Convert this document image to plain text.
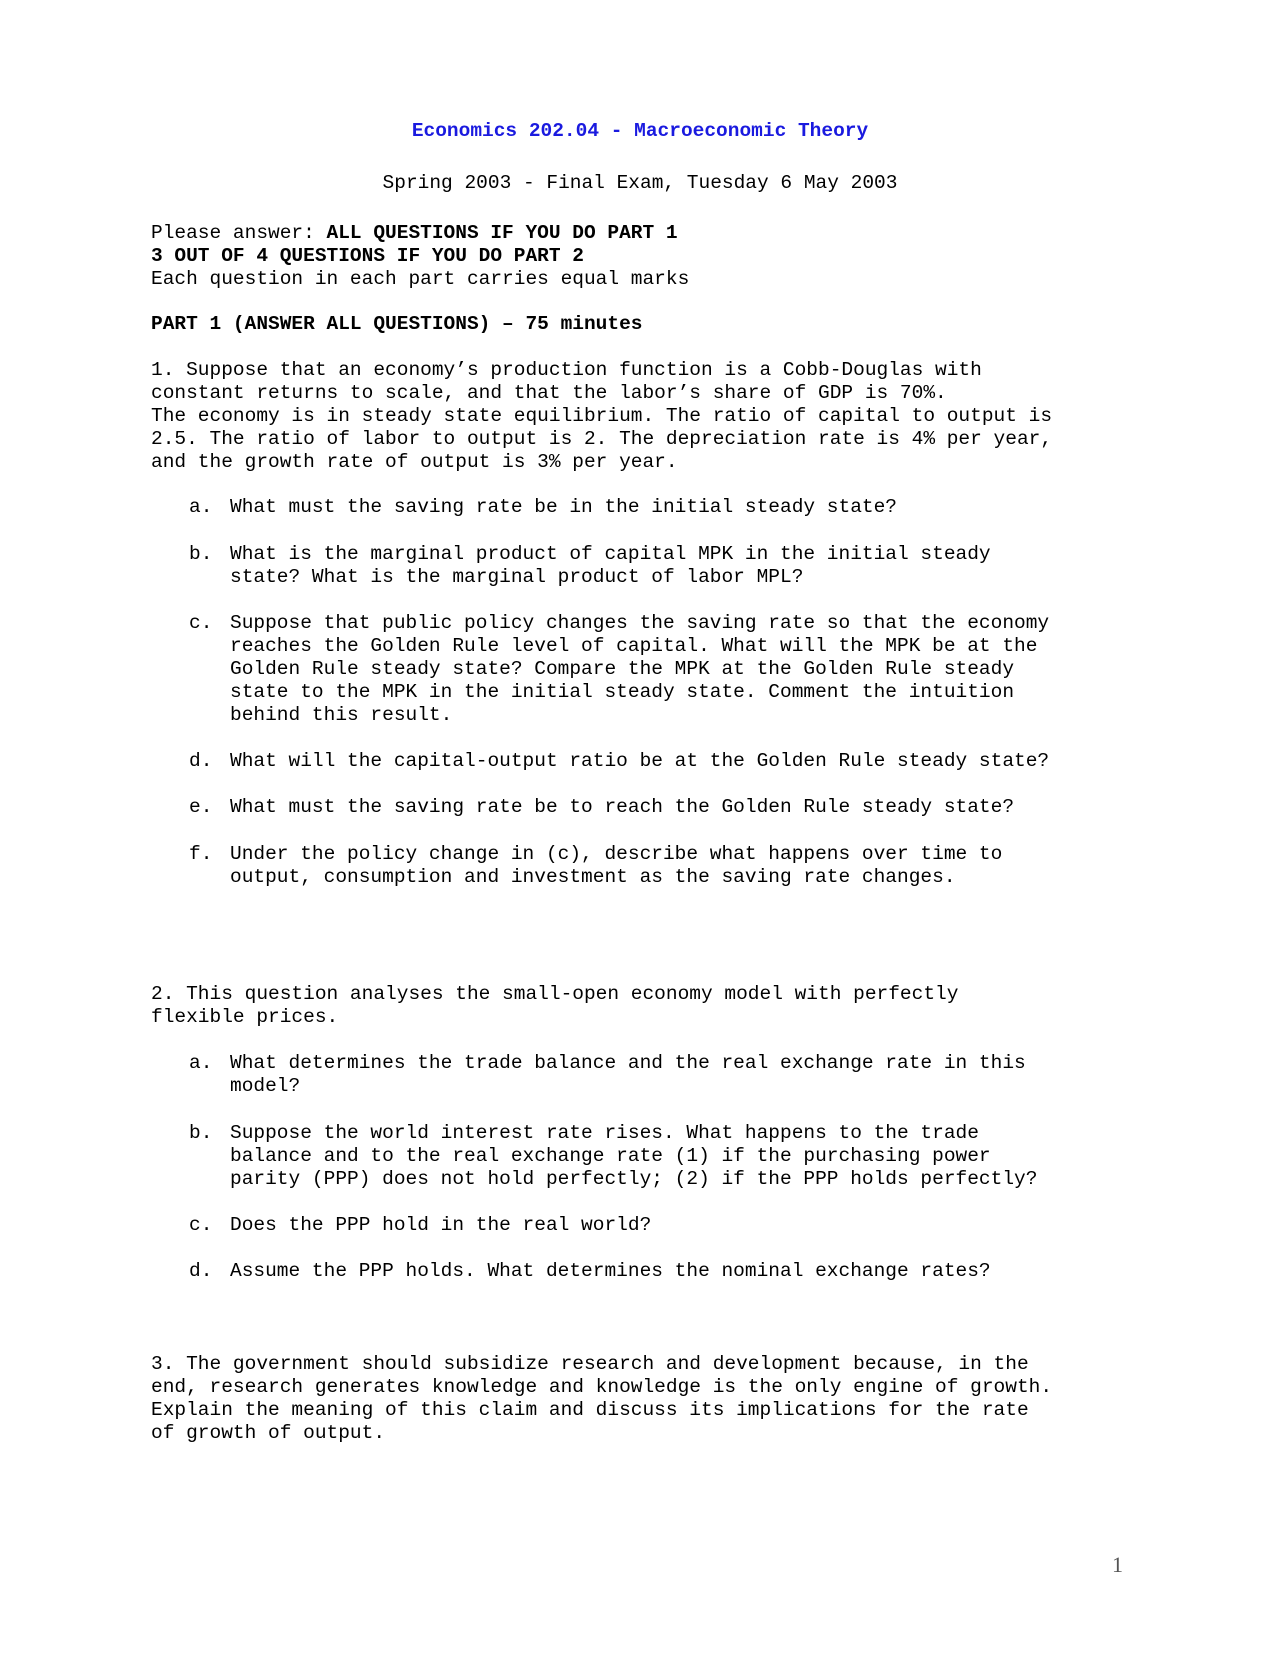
Economics 202.04 - Macroeconomic Theory
Spring 2003 - Final Exam, Tuesday 6 May 2003
Please answer: ALL QUESTIONS IF YOU DO PART 1
3 OUT OF 4 QUESTIONS IF YOU DO PART 2
Each question in each part carries equal marks
PART 1 (ANSWER ALL QUESTIONS) – 75 minutes
1. Suppose that an economy’s production function is a Cobb-Douglas with
constant returns to scale, and that the labor’s share of GDP is 70%.
The economy is in steady state equilibrium. The ratio of capital to output is
2.5. The ratio of labor to output is 2. The depreciation rate is 4% per year,
and the growth rate of output is 3% per year.
a. What must the saving rate be in the initial steady state?
b. What is the marginal product of capital MPK in the initial steady
state? What is the marginal product of labor MPL?
c. Suppose that public policy changes the saving rate so that the economy
reaches the Golden Rule level of capital. What will the MPK be at the
Golden Rule steady state? Compare the MPK at the Golden Rule steady
state to the MPK in the initial steady state. Comment the intuition
behind this result.
d. What will the capital-output ratio be at the Golden Rule steady state?
e. What must the saving rate be to reach the Golden Rule steady state?
f. Under the policy change in (c), describe what happens over time to
output, consumption and investment as the saving rate changes.
2. This question analyses the small-open economy model with perfectly
flexible prices.
a. What determines the trade balance and the real exchange rate in this
model?
b. Suppose the world interest rate rises. What happens to the trade
balance and to the real exchange rate (1) if the purchasing power
parity (PPP) does not hold perfectly; (2) if the PPP holds perfectly?
c. Does the PPP hold in the real world?
d. Assume the PPP holds. What determines the nominal exchange rates?
3. The government should subsidize research and development because, in the
end, research generates knowledge and knowledge is the only engine of growth.
Explain the meaning of this claim and discuss its implications for the rate
of growth of output.
1
